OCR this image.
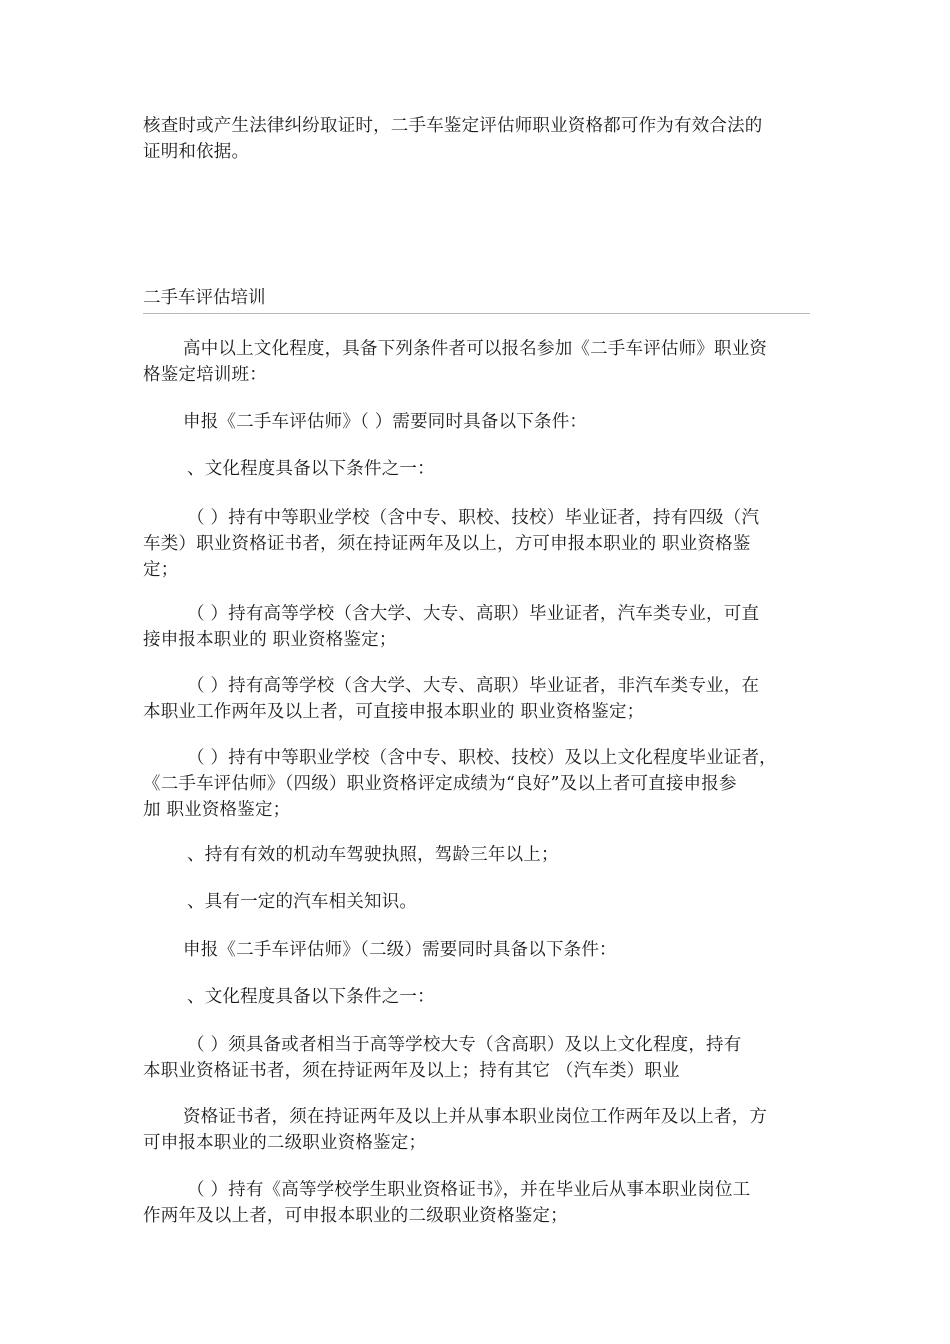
核查时或产生法律纠纷取证时，二手车鉴定评估师职业资格都可作为有效合法的
证明和依据。
二手车评估培训
高中以上文化程度，具备下列条件者可以报名参加《二手车评估师》职业资
格鉴定培训班：
申报《二手车评估师》（ ）需要同时具备以下条件：
、文化程度具备以下条件之一：
（ ）持有中等职业学校（含中专、职校、技校）毕业证者，持有四级（汽
车类）职业资格证书者，须在持证两年及以上，方可申报本职业的 职业资格鉴
定；
（ ）持有高等学校（含大学、大专、高职）毕业证者，汽车类专业，可直
接申报本职业的 职业资格鉴定；
（ ）持有高等学校（含大学、大专、高职）毕业证者，非汽车类专业，在
本职业工作两年及以上者，可直接申报本职业的 职业资格鉴定；
（ ）持有中等职业学校（含中专、职校、技校）及以上文化程度毕业证者，
《二手车评估师》（四级）职业资格评定成绩为“良好”及以上者可直接申报参
加 职业资格鉴定；
、持有有效的机动车驾驶执照，驾龄三年以上；
、具有一定的汽车相关知识。
申报《二手车评估师》（二级）需要同时具备以下条件：
、文化程度具备以下条件之一：
（ ）须具备或者相当于高等学校大专（含高职）及以上文化程度，持有
本职业资格证书者，须在持证两年及以上；持有其它 （汽车类）职业
资格证书者，须在持证两年及以上并从事本职业岗位工作两年及以上者，方
可申报本职业的二级职业资格鉴定；
（ ）持有《高等学校学生职业资格证书》，并在毕业后从事本职业岗位工
作两年及以上者，可申报本职业的二级职业资格鉴定；
